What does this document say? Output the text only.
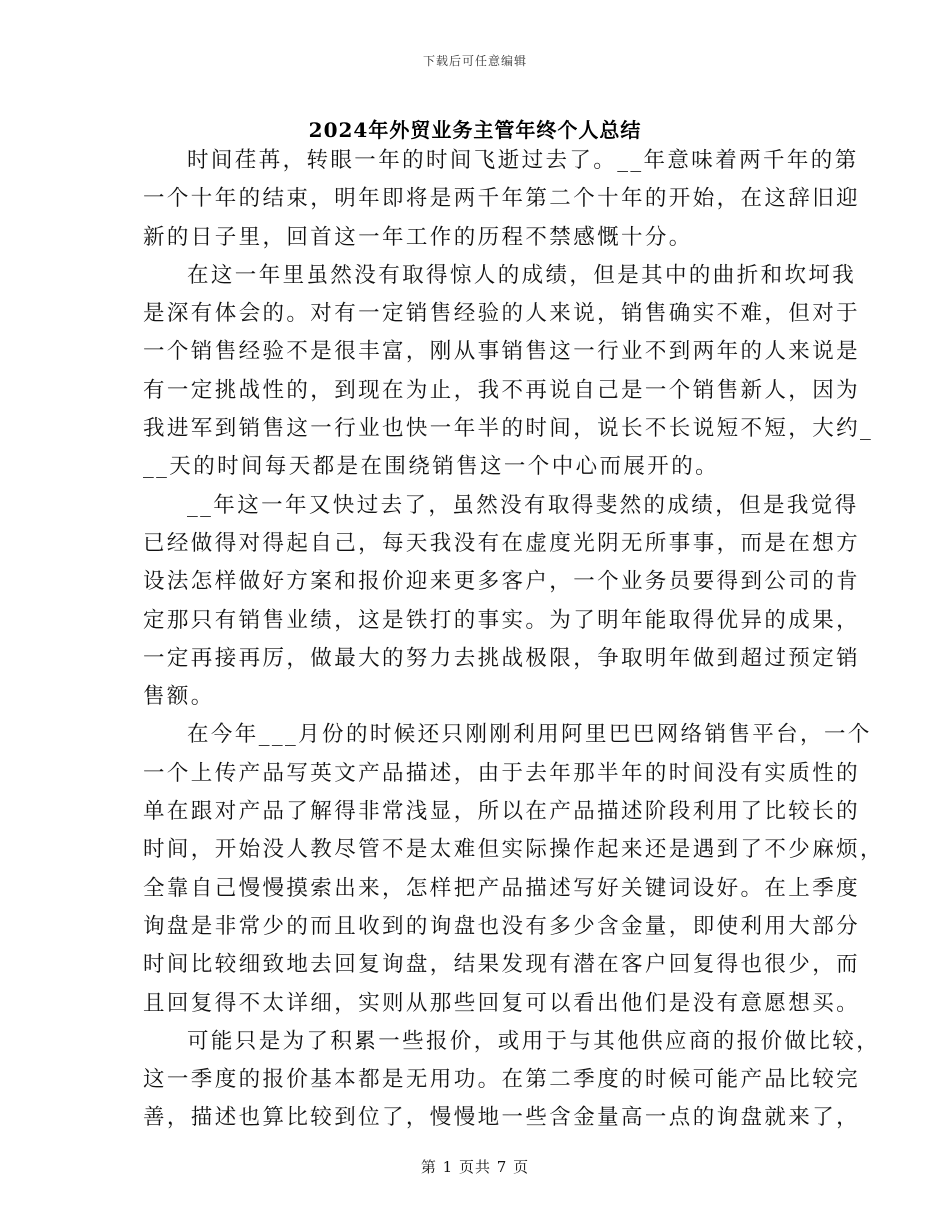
下载后可任意编辑
2024年外贸业务主管年终个人总结
时间荏苒，转眼一年的时间飞逝过去了。__年意味着两千年的第
一个十年的结束，明年即将是两千年第二个十年的开始，在这辞旧迎
新的日子里，回首这一年工作的历程不禁感慨十分。
在这一年里虽然没有取得惊人的成绩，但是其中的曲折和坎坷我
是深有体会的。对有一定销售经验的人来说，销售确实不难，但对于
一个销售经验不是很丰富，刚从事销售这一行业不到两年的人来说是
有一定挑战性的，到现在为止，我不再说自己是一个销售新人，因为
我进军到销售这一行业也快一年半的时间，说长不长说短不短，大约_
__天的时间每天都是在围绕销售这一个中心而展开的。
__年这一年又快过去了，虽然没有取得斐然的成绩，但是我觉得
已经做得对得起自己，每天我没有在虚度光阴无所事事，而是在想方
设法怎样做好方案和报价迎来更多客户，一个业务员要得到公司的肯
定那只有销售业绩，这是铁打的事实。为了明年能取得优异的成果，
一定再接再厉，做最大的努力去挑战极限，争取明年做到超过预定销
售额。
在今年___月份的时候还只刚刚利用阿里巴巴网络销售平台，一个
一个上传产品写英文产品描述，由于去年那半年的时间没有实质性的
单在跟对产品了解得非常浅显，所以在产品描述阶段利用了比较长的
时间，开始没人教尽管不是太难但实际操作起来还是遇到了不少麻烦，
全靠自己慢慢摸索出来，怎样把产品描述写好关键词设好。在上季度
询盘是非常少的而且收到的询盘也没有多少含金量，即使利用大部分
时间比较细致地去回复询盘，结果发现有潜在客户回复得也很少，而
且回复得不太详细，实则从那些回复可以看出他们是没有意愿想买。
可能只是为了积累一些报价，或用于与其他供应商的报价做比较，
这一季度的报价基本都是无用功。在第二季度的时候可能产品比较完
善，描述也算比较到位了，慢慢地一些含金量高一点的询盘就来了，
第 1 页共 7 页
